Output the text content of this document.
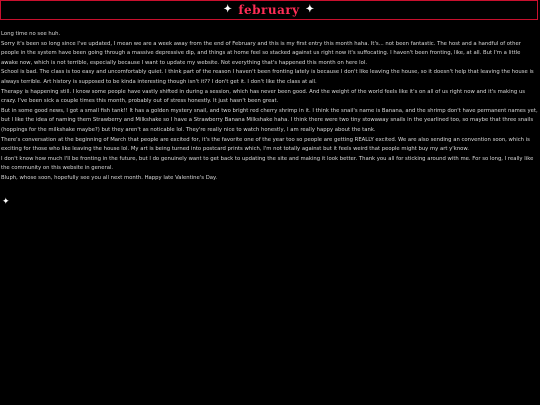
✦ february ✦

Long time no see huh.

Sorry it's been so long since I've updated, I mean we are a week away from the end of February and this is my first entry this month haha. It's... not been fantastic. The host and a handful of other people in the system have been going through a massive depressive dip, and things at home feel so stacked against us right now it's suffocating. I haven't been fronting, like, at all. But I'm a little awake now, which is not terrible, especially because I want to update my website. Not everything that's happened this month on here lol.

School is bad. The class is too easy and uncomfortably quiet. I think part of the reason I haven't been fronting lately is because I don't like leaving the house, so it doesn't help that leaving the house is always terrible. Art history is supposed to be kinda interesting though isn't it?? I don't get it. I don't like the class at all.

Therapy is happening still. I know some people have vastly shifted in during a session, which has never been good. And the weight of the world feels like it's on all of us right now and it's making us crazy. I've been sick a couple times this month, probably out of stress honestly. It just hasn't been great.

But in some good news, I got a small fish tank!! It has a golden mystery snail, and two bright red cherry shrimp in it. I think the snail's name is Banana, and the shrimp don't have permanent names yet, but I like the idea of naming them Strawberry and Milkshake so I have a Strawberry Banana Milkshake haha. I think there were two tiny stowaway snails in the yearlined too, so maybe that three snails (hoppings for the milkshake maybe?) but they aren't as noticable lol. They're really nice to watch honestly, I am really happy about the tank.

There's conversation at the beginning of March that people are excited for, it's the favorite one of the year too so people are getting REALLY excited. We are also sending an convention soon, which is exciting for those who like leaving the house lol. My art is being turned into postcard prints which, I'm not totally against but it feels weird that people might buy my art y'know.

I don't know how much I'll be fronting in the future, but I do genuinely want to get back to updating the site and making it look better. Thank you all for sticking around with me. For so long, I really like the community on this website in general.

Bluph, whose soon, hopefully see you all next month. Happy late Valentine's Day.

✦
